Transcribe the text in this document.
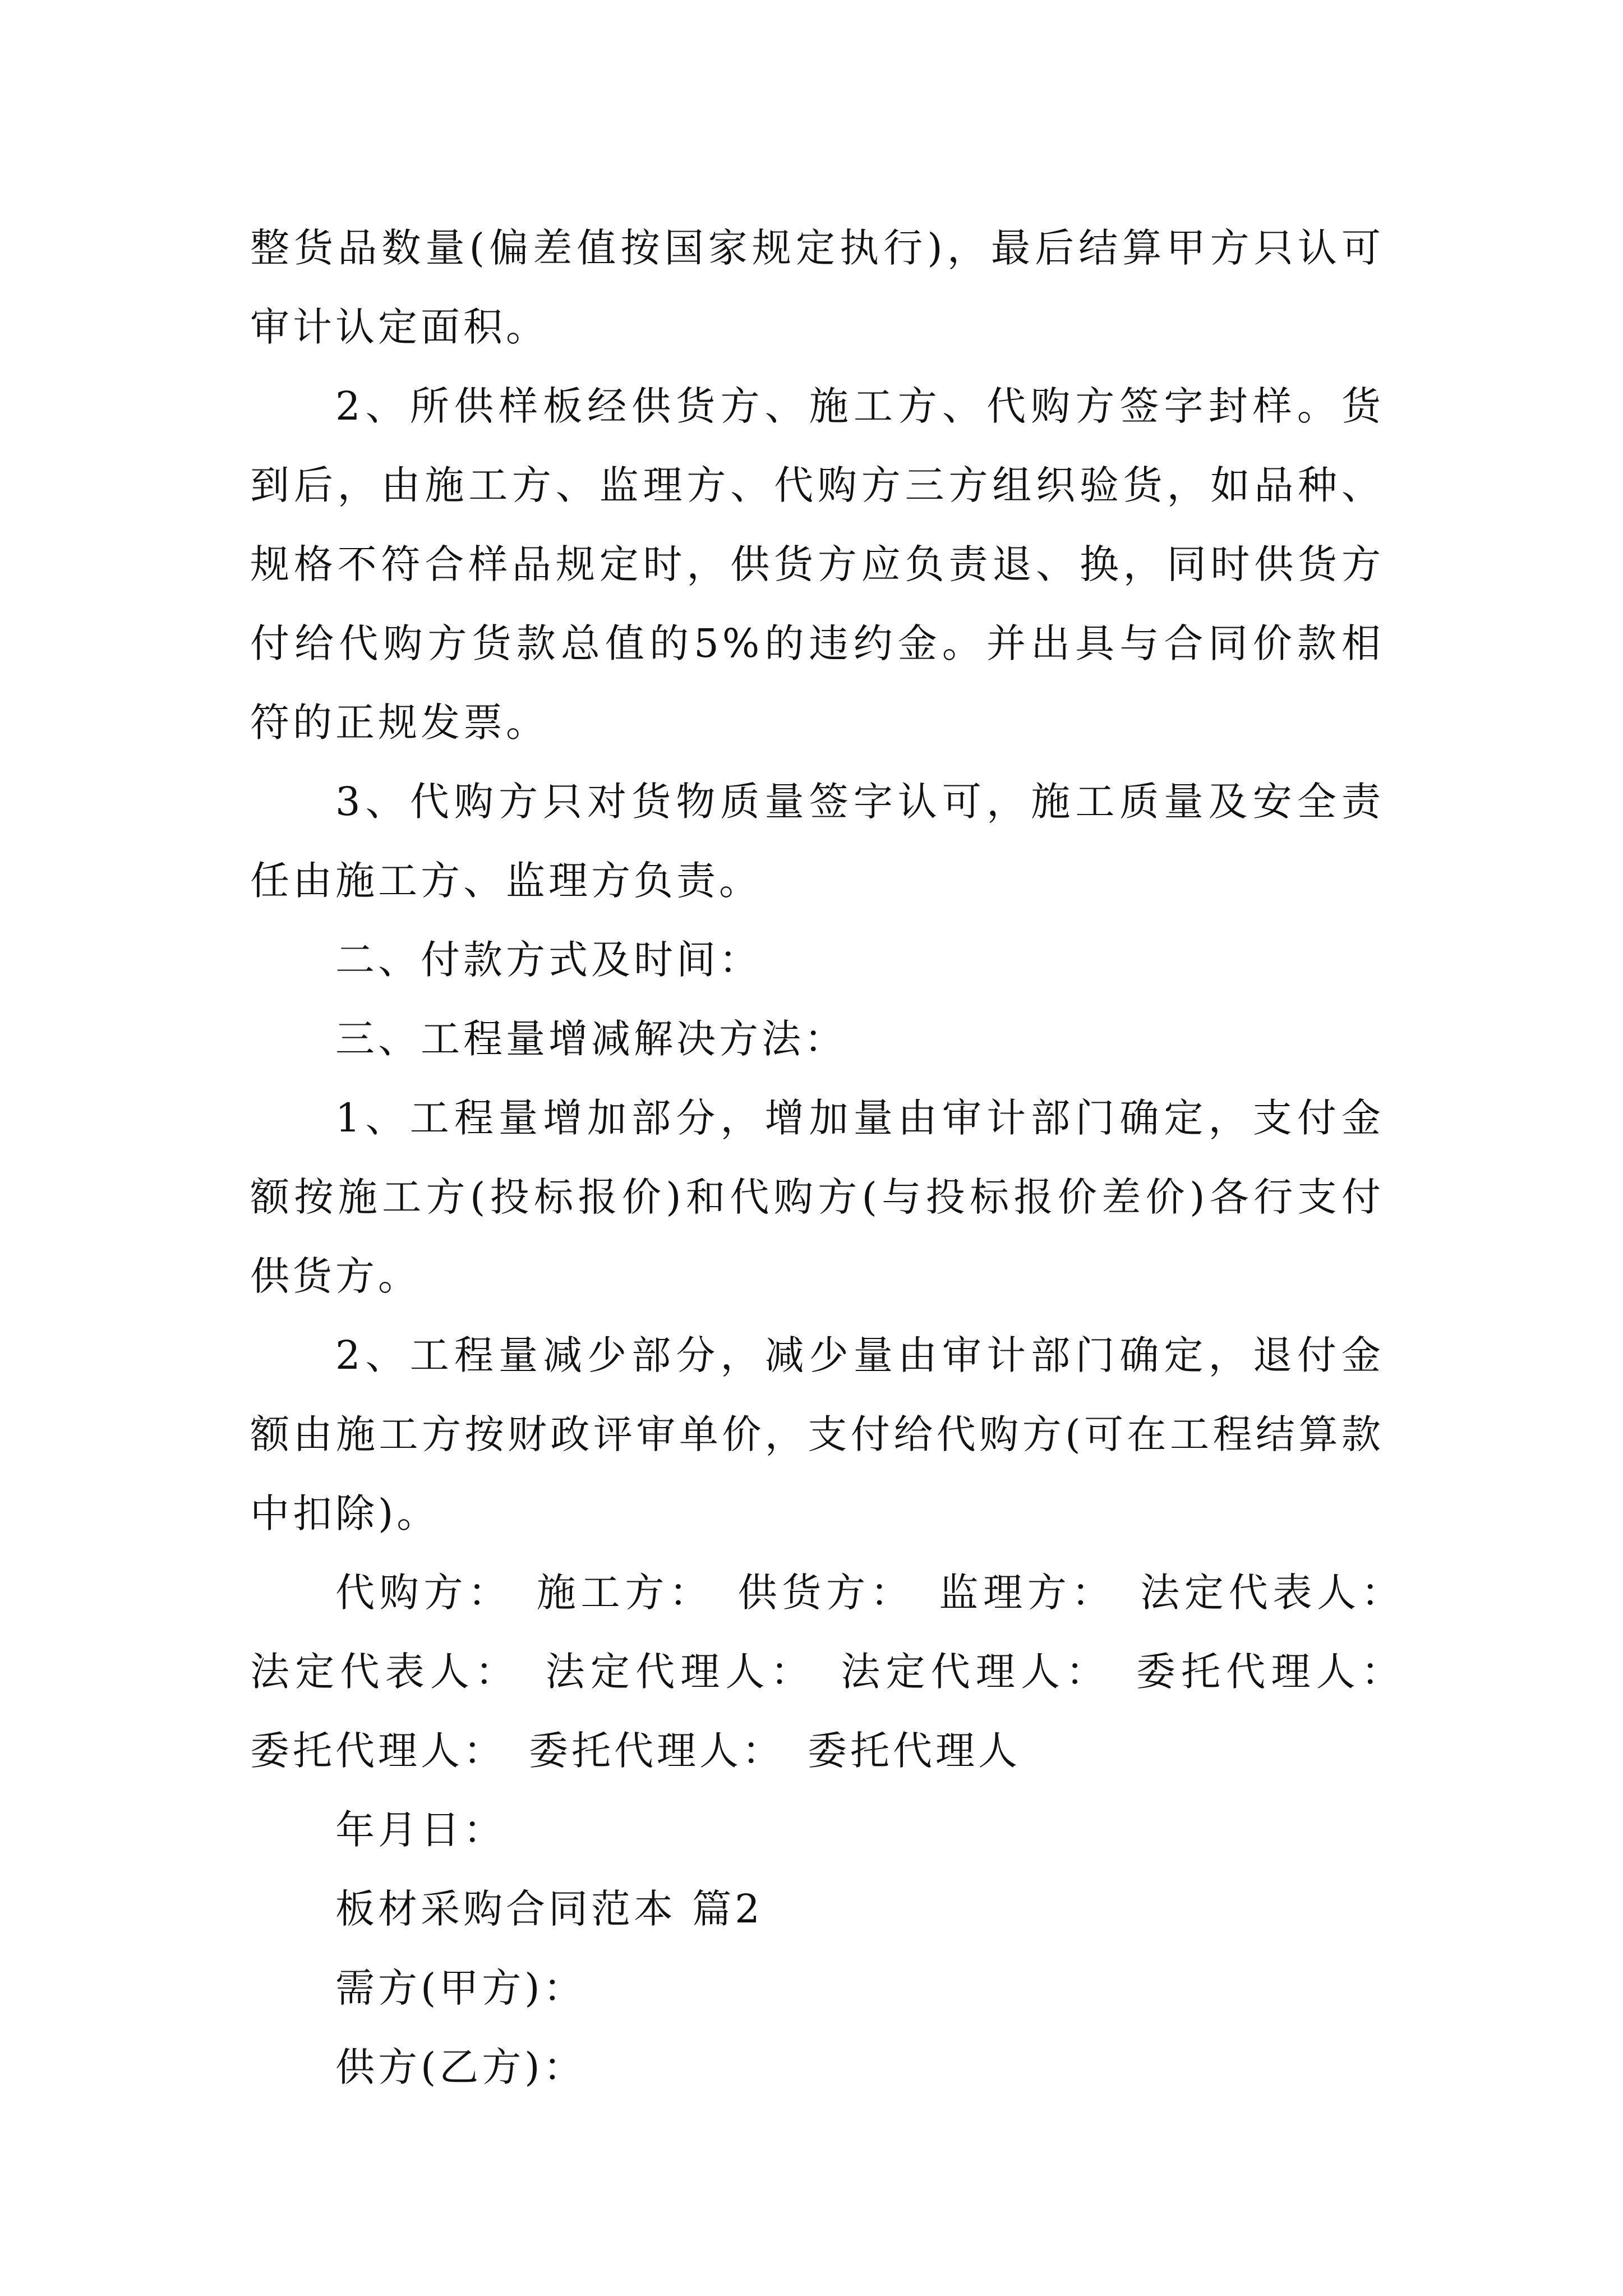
整货品数量(偏差值按国家规定执行)，最后结算甲方只认可审计认定面积。

2、所供样板经供货方、施工方、代购方签字封样。货到后，由施工方、监理方、代购方三方组织验货，如品种、规格不符合样品规定时，供货方应负责退、换，同时供货方付给代购方货款总值的5%的违约金。并出具与合同价款相符的正规发票。

3、代购方只对货物质量签字认可，施工质量及安全责任由施工方、监理方负责。

二、付款方式及时间：

三、工程量增减解决方法：

1、工程量增加部分，增加量由审计部门确定，支付金额按施工方(投标报价)和代购方(与投标报价差价)各行支付供货方。

2、工程量减少部分，减少量由审计部门确定，退付金额由施工方按财政评审单价，支付给代购方(可在工程结算款中扣除)。

代购方：　施工方：　供货方：　监理方：　法定代表人：　法定代表人：　法定代理人：　法定代理人：　委托代理人：　委托代理人：　委托代理人：　委托代理人

年月日：

板材采购合同范本 篇2

需方(甲方)：

供方(乙方)：
